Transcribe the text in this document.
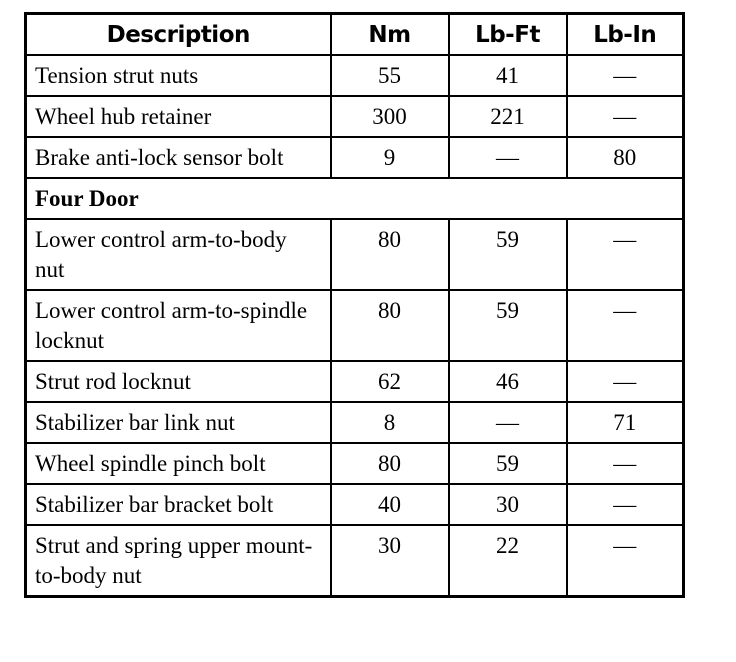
Description	Nm	Lb-Ft	Lb-In
Tension strut nuts	55	41	—
Wheel hub retainer	300	221	—
Brake anti-lock sensor bolt	9	—	80
Four Door			
Lower control arm-to-body nut	80	59	—
Lower control arm-to-spindle locknut	80	59	—
Strut rod locknut	62	46	—
Stabilizer bar link nut	8	—	71
Wheel spindle pinch bolt	80	59	—
Stabilizer bar bracket bolt	40	30	—
Strut and spring upper mount-to-body nut	30	22	—
